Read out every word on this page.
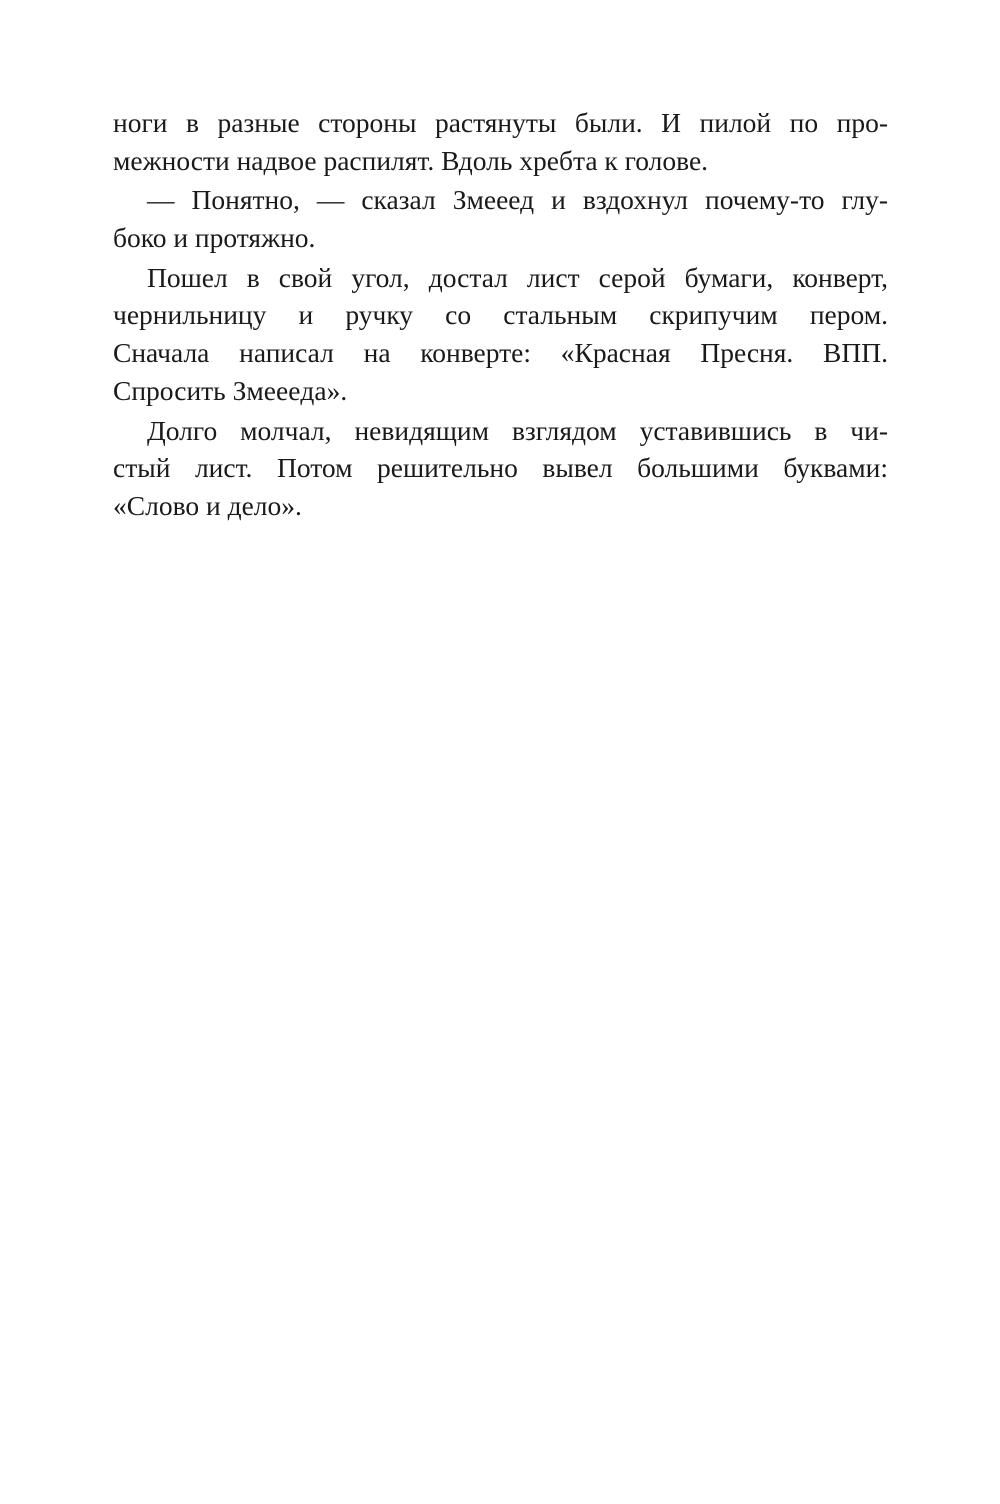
ноги в разные стороны растянуты были. И пилой по про-
межности надвое распилят. Вдоль хребта к голове.
— Понятно, — сказал Змееед и вздохнул почему-то глу-
боко и протяжно.
Пошел в свой угол, достал лист серой бумаги, конверт,
чернильницу и ручку со стальным скрипучим пером.
Сначала написал на конверте: «Красная Пресня. ВПП.
Спросить Змееeда».
Долго молчал, невидящим взглядом уставившись в чи-
стый лист. Потом решительно вывел большими буквами:
«Слово и дело».
